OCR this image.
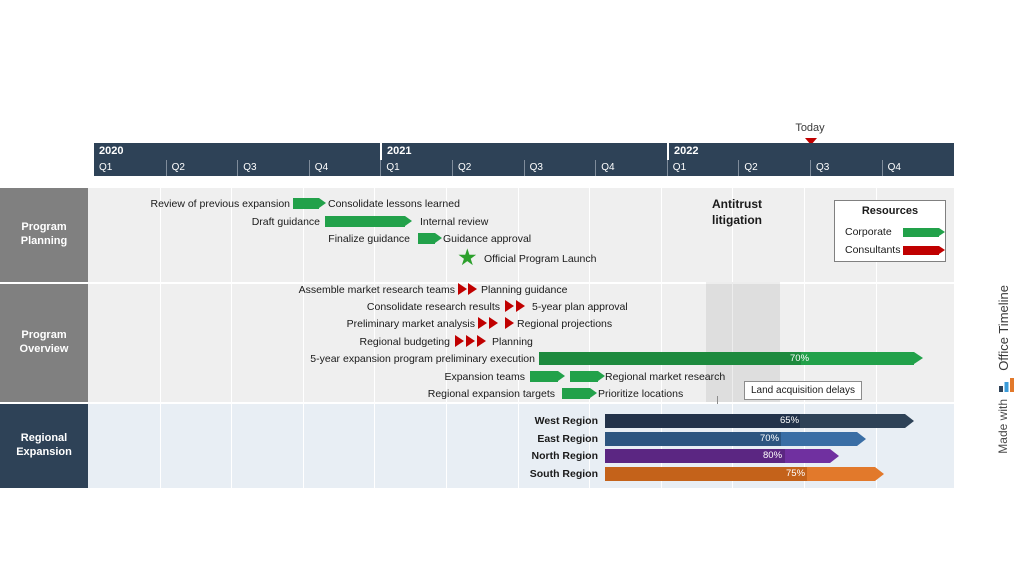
Today
2020	2021	2022
Q1	Q2	Q3	Q4	Q1	Q2	Q3	Q4	Q1	Q2	Q3	Q4
Program
Planning
Review of previous expansion	Consolidate lessons learned
Draft guidance	Internal review
Finalize guidance	Guidance approval
★ Official Program Launch
Antitrust
litigation
Resources
Corporate
Consultants
Program
Overview
Assemble market research teams Planning guidance
Consolidate research results	5-year plan approval
Preliminary market analysis	Regional projections
Regional budgeting	Planning
5-year expansion program preliminary execution	70%
Expansion teams	Regional market research
Regional expansion targets	Prioritize locations	Land acquisition delays
Regional
Expansion
West Region	65%
East Region	70%
North Region	80%
South Region	75%
Office Timeline
Made with
